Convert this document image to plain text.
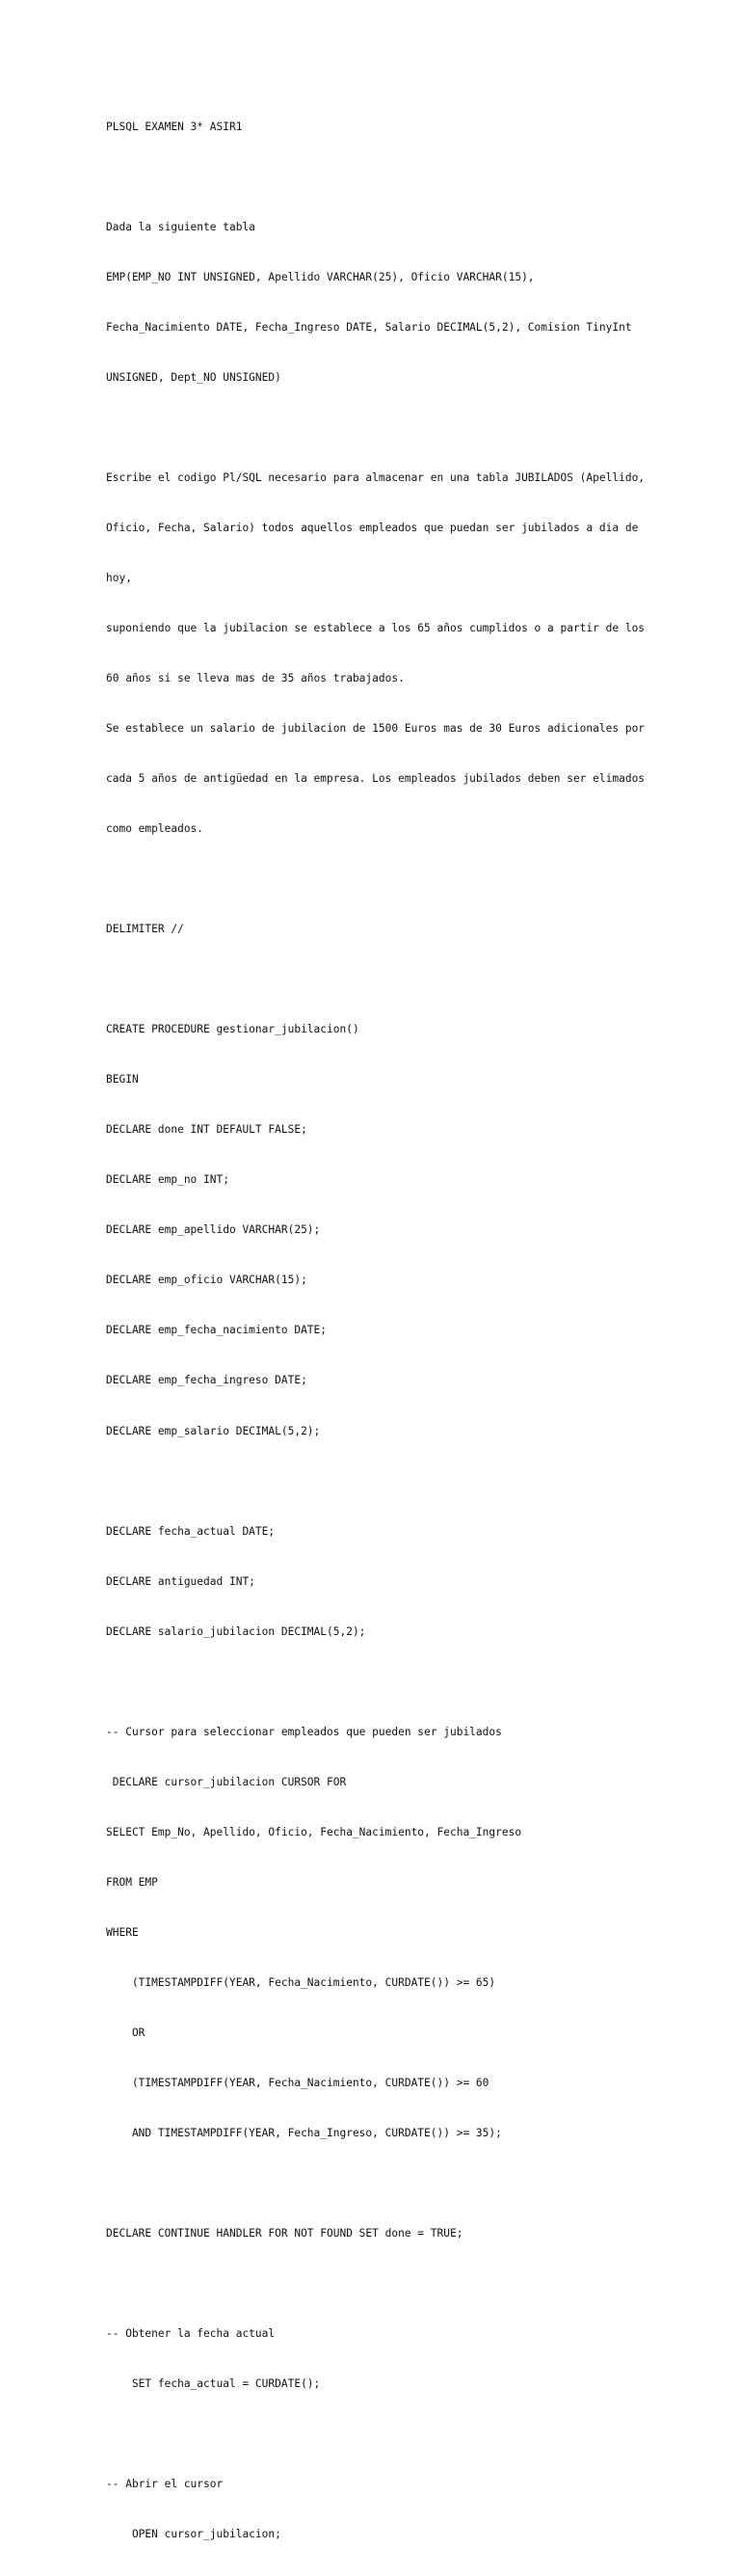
PLSQL EXAMEN 3* ASIR1

Dada la siguiente tabla

EMP(EMP_NO INT UNSIGNED, Apellido VARCHAR(25), Oficio VARCHAR(15),

Fecha_Nacimiento DATE, Fecha_Ingreso DATE, Salario DECIMAL(5,2), Comision TinyInt

UNSIGNED, Dept_NO UNSIGNED)

Escribe el codigo Pl/SQL necesario para almacenar en una tabla JUBILADOS (Apellido,

Oficio, Fecha, Salario) todos aquellos empleados que puedan ser jubilados a dia de

hoy,

suponiendo que la jubilacion se establece a los 65 años cumplidos o a partir de los

60 años si se lleva mas de 35 años trabajados.

Se establece un salario de jubilacion de 1500 Euros mas de 30 Euros adicionales por

cada 5 años de antigüedad en la empresa. Los empleados jubilados deben ser elimados

como empleados.

DELIMITER //

CREATE PROCEDURE gestionar_jubilacion()

BEGIN

DECLARE done INT DEFAULT FALSE;

DECLARE emp_no INT;

DECLARE emp_apellido VARCHAR(25);

DECLARE emp_oficio VARCHAR(15);

DECLARE emp_fecha_nacimiento DATE;

DECLARE emp_fecha_ingreso DATE;

DECLARE emp_salario DECIMAL(5,2);

DECLARE fecha_actual DATE;

DECLARE antiguedad INT;

DECLARE salario_jubilacion DECIMAL(5,2);

-- Cursor para seleccionar empleados que pueden ser jubilados

DECLARE cursor_jubilacion CURSOR FOR

SELECT Emp_No, Apellido, Oficio, Fecha_Nacimiento, Fecha_Ingreso

FROM EMP

WHERE

(TIMESTAMPDIFF(YEAR, Fecha_Nacimiento, CURDATE()) >= 65)

OR

(TIMESTAMPDIFF(YEAR, Fecha_Nacimiento, CURDATE()) >= 60

AND TIMESTAMPDIFF(YEAR, Fecha_Ingreso, CURDATE()) >= 35);

DECLARE CONTINUE HANDLER FOR NOT FOUND SET done = TRUE;

-- Obtener la fecha actual

SET fecha_actual = CURDATE();

-- Abrir el cursor

OPEN cursor_jubilacion;
